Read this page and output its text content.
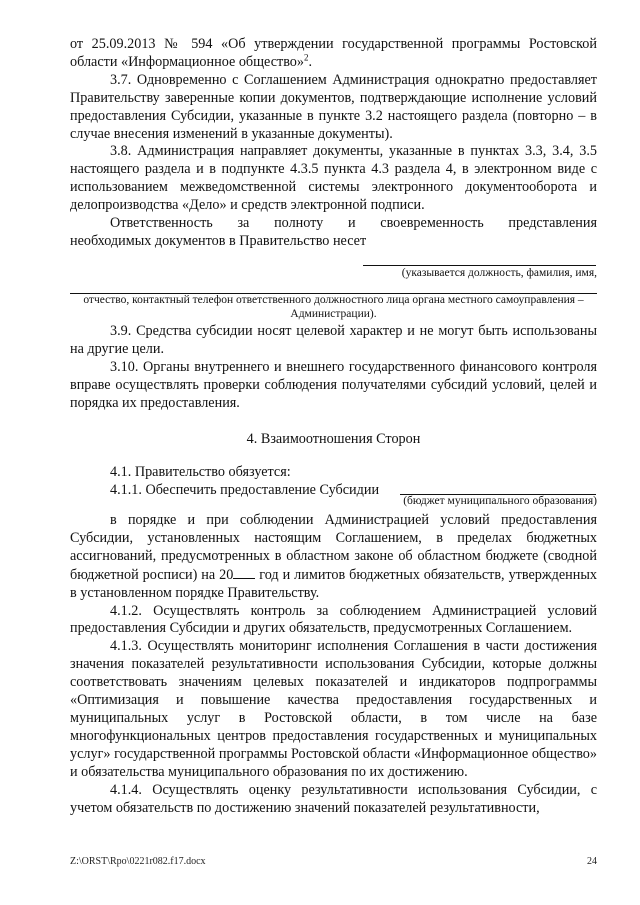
от 25.09.2013 № 594 «Об утверждении государственной программы Ростовской области «Информационное общество»$^2$.

3.7. Одновременно с Соглашением Администрация однократно предоставляет Правительству заверенные копии документов, подтверждающие исполнение условий предоставления Субсидии, указанные в пункте 3.2 настоящего раздела (повторно – в случае внесения изменений в указанные документы).

3.8. Администрация направляет документы, указанные в пунктах 3.3, 3.4, 3.5 настоящего раздела и в подпункте 4.3.5 пункта 4.3 раздела 4, в электронном виде с использованием межведомственной системы электронного документооборота и делопроизводства «Дело» и средств электронной подписи.

Ответственность за полноту и своевременность представления

необходимых документов в Правительство несет

(указывается должность, фамилия, имя,
отчество, контактный телефон ответственного должностного лица органа местного самоуправления –
Администрации).

3.9. Средства субсидии носят целевой характер и не могут быть использованы на другие цели.

3.10. Органы внутреннего и внешнего государственного финансового контроля вправе осуществлять проверки соблюдения получателями субсидий условий, целей и порядка их предоставления.

4. Взаимоотношения Сторон

4.1. Правительство обязуется:

4.1.1. Обеспечить предоставление Субсидии

(бюджет муниципального образования)

в порядке и при соблюдении Администрацией условий предоставления Субсидии, установленных настоящим Соглашением, в пределах бюджетных ассигнований, предусмотренных в областном законе об областном бюджете (сводной бюджетной росписи) на 20 год и лимитов бюджетных обязательств, утвержденных в установленном порядке Правительству.

4.1.2. Осуществлять контроль за соблюдением Администрацией условий предоставления Субсидии и других обязательств, предусмотренных Соглашением.

4.1.3. Осуществлять мониторинг исполнения Соглашения в части достижения значения показателей результативности использования Субсидии, которые должны соответствовать значениям целевых показателей и индикаторов подпрограммы «Оптимизация и повышение качества предоставления государственных и муниципальных услуг в Ростовской области, в том числе на базе многофункциональных центров предоставления государственных и муниципальных услуг» государственной программы Ростовской области «Информационное общество» и обязательства муниципального образования по их достижению.

4.1.4. Осуществлять оценку результативности использования Субсидии, с учетом обязательств по достижению значений показателей результативности,

Z:\ORST\Rpo\0221r082.f17.docx	24
